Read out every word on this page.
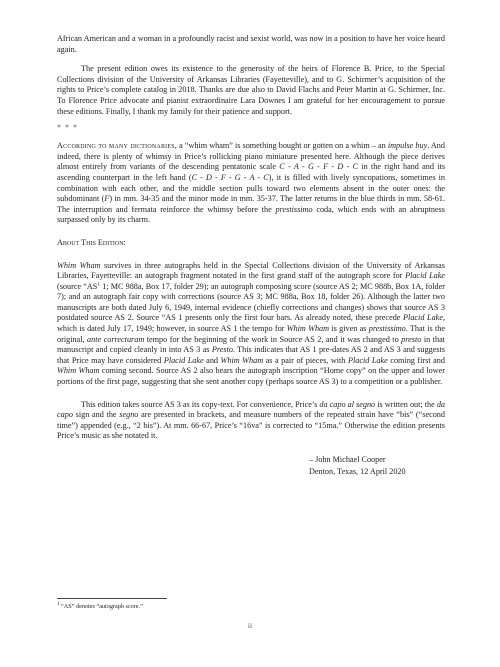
African American and a woman in a profoundly racist and sexist world, was now in a position to have her voice heard again.

The present edition owes its existence to the generosity of the heirs of Florence B. Price, to the Special Collections division of the University of Arkansas Libraries (Fayetteville), and to G. Schirmer’s acquisition of the rights to Price’s complete catalog in 2018. Thanks are due also to David Flachs and Peter Martin at G. Schirmer, Inc. To Florence Price advocate and pianist extraordinaire Lara Downes I am grateful for her encouragement to pursue these editions. Finally, I thank my family for their patience and support.

* * *

According to many dictionaries, a “whim wham” is something bought or gotten on a whim – an impulse buy. And indeed, there is plenty of whimsy in Price’s rollicking piano miniature presented here. Although the piece derives almost entirely from variants of the descending pentatonic scale C - A - G - F - D - C in the right hand and its ascending counterpart in the left hand (C - D - F - G - A - C), it is filled with lively syncopations, sometimes in combination with each other, and the middle section pulls toward two elements absent in the outer ones: the subdominant (F) in mm. 34-35 and the minor mode in mm. 35-37. The latter returns in the blue thirds in mm. 58-61. The interruption and fermata reinforce the whimsy before the prestissimo coda, which ends with an abruptness surpassed only by its charm.

About This Edition:

Whim Wham survives in three autographs held in the Special Collections division of the University of Arkansas Libraries, Fayetteville: an autograph fragment notated in the first grand staff of the autograph score for Placid Lake (source “$AS^1$ 1; MC 988a, Box 17, folder 29); an autograph composing score (source AS 2; MC 988b, Box 1A, folder 7); and an autograph fair copy with corrections (source AS 3; MC 988a, Box 18, folder 26). Although the latter two manuscripts are both dated July 6, 1949, internal evidence (chiefly corrections and changes) shows that source AS 3 postdated source AS 2. Source “AS 1 presents only the first four bars. As already noted, these precede Placid Lake, which is dated July 17, 1949; however, in source AS 1 the tempo for Whim Wham is given as prestissimo. That is the original, ante correcturam tempo for the beginning of the work in Source AS 2, and it was changed to presto in that manuscript and copied cleanly in into AS 3 as Presto. This indicates that AS 1 pre-dates AS 2 and AS 3 and suggests that Price may have considered Placid Lake and Whim Wham as a pair of pieces, with Placid Lake coming first and Whim Wham coming second. Source AS 2 also bears the autograph inscription “Home copy” on the upper and lower portions of the first page, suggesting that she sent another copy (perhaps source AS 3) to a competition or a publisher.

This edition takes source AS 3 as its copy-text. For convenience, Price’s da capo al segno is written out; the da capo sign and the segno are presented in brackets, and measure numbers of the repeated strain have “bis” (“second time”) appended (e.g., “2 bis”). At mm. 66-67, Price’s “16va” is corrected to “15ma.” Otherwise the edition presents Price’s music as she notated it.

– John Michael Cooper
Denton, Texas, 12 April 2020
$^1$ “AS” denotes “autograph score.”
ii
